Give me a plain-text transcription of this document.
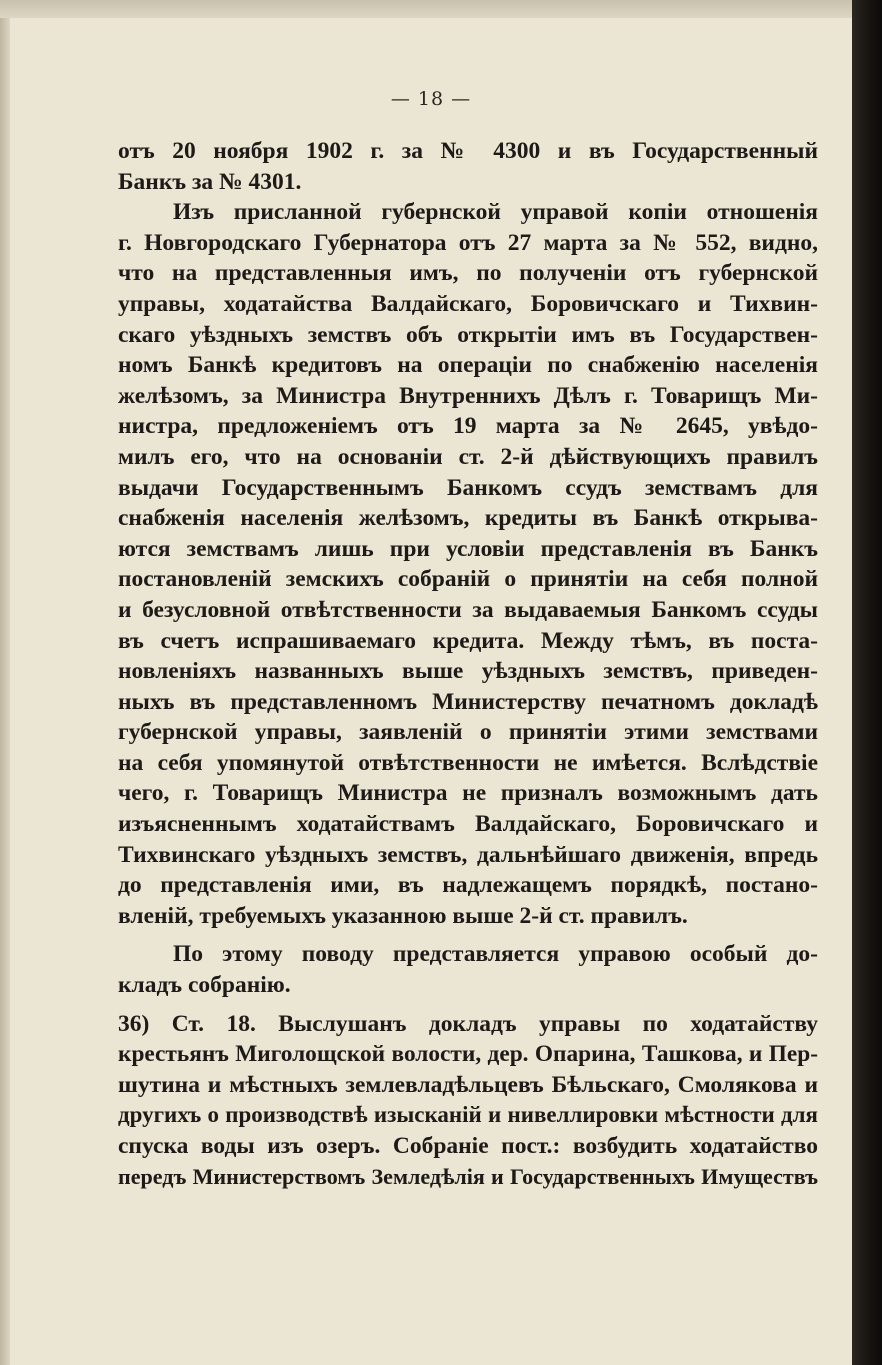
— 18 —
отъ 20 ноября 1902 г. за № 4300 и въ Государственный
Банкъ за № 4301.
Изъ присланной губернской управой копіи отношенія
г. Новгородскаго Губернатора отъ 27 марта за № 552, видно,
что на представленныя имъ, по полученіи отъ губернской
управы, ходатайства Валдайскаго, Боровичскаго и Тихвин-
скаго уѣздныхъ земствъ объ открытіи имъ въ Государствен-
номъ Банкѣ кредитовъ на операціи по снабженію населенія
желѣзомъ, за Министра Внутреннихъ Дѣлъ г. Товарищъ Ми-
нистра, предложеніемъ отъ 19 марта за № 2645, увѣдо-
милъ его, что на основаніи ст. 2-й дѣйствующихъ правилъ
выдачи Государственнымъ Банкомъ ссудъ земствамъ для
снабженія населенія желѣзомъ, кредиты въ Банкѣ открыва-
ются земствамъ лишь при условіи представленія въ Банкъ
постановленій земскихъ собраній о принятіи на себя полной
и безусловной отвѣтственности за выдаваемыя Банкомъ ссуды
въ счетъ испрашиваемаго кредита. Между тѣмъ, въ поста-
новленіяхъ названныхъ выше уѣздныхъ земствъ, приведен-
ныхъ въ представленномъ Министерству печатномъ докладѣ
губернской управы, заявленій о принятіи этими земствами
на себя упомянутой отвѣтственности не имѣется. Вслѣдствіе
чего, г. Товарищъ Министра не призналъ возможнымъ дать
изъясненнымъ ходатайствамъ Валдайскаго, Боровичскаго и
Тихвинскаго уѣздныхъ земствъ, дальнѣйшаго движенія, впредь
до представленія ими, въ надлежащемъ порядкѣ, постано-
вленій, требуемыхъ указанною выше 2-й ст. правилъ.
По этому поводу представляется управою особый до-
кладъ собранію.
36) Ст. 18. Выслушанъ докладъ управы по ходатайству
крестьянъ Миголощской волости, дер. Опарина, Ташкова, и Пер-
шутина и мѣстныхъ землевладѣльцевъ Бѣльскаго, Смолякова и
другихъ о производствѣ изысканій и нивеллировки мѣстности для
спуска воды изъ озеръ. Собраніе пост.: возбудить ходатайство
передъ Министерствомъ Земледѣлія и Государственныхъ Имуществъ
